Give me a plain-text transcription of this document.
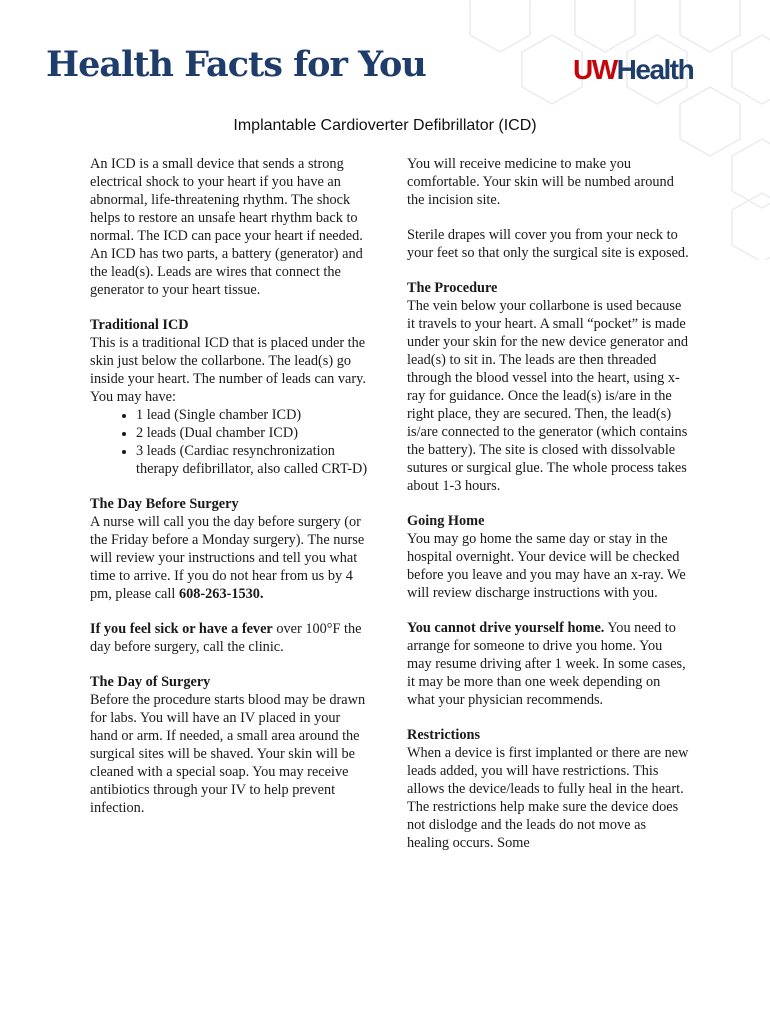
Health Facts for You	UWHealth
Implantable Cardioverter Defibrillator (ICD)

An ICD is a small device that sends a strong electrical shock to your heart if you have an abnormal, life-threatening rhythm. The shock helps to restore an unsafe heart rhythm back to normal. The ICD can pace your heart if needed. An ICD has two parts, a battery (generator) and the lead(s). Leads are wires that connect the generator to your heart tissue.

Traditional ICD

This is a traditional ICD that is placed under the skin just below the collarbone. The lead(s) go inside your heart. The number of leads can vary. You may have:

• 1 lead (Single chamber ICD)
• 2 leads (Dual chamber ICD)
• 3 leads (Cardiac resynchronization therapy defibrillator, also called CRT-D)
The Day Before Surgery

A nurse will call you the day before surgery (or the Friday before a Monday surgery). The nurse will review your instructions and tell you what time to arrive. If you do not hear from us by 4 pm, please call 608-263-1530.

If you feel sick or have a fever over 100°F the day before surgery, call the clinic.

The Day of Surgery

Before the procedure starts blood may be drawn for labs. You will have an IV placed in your hand or arm. If needed, a small area around the surgical sites will be shaved. Your skin will be cleaned with a special soap. You may receive antibiotics through your IV to help prevent infection.

You will receive medicine to make you comfortable. Your skin will be numbed around the incision site.

Sterile drapes will cover you from your neck to your feet so that only the surgical site is exposed.

The Procedure

The vein below your collarbone is used because it travels to your heart. A small “pocket” is made under your skin for the new device generator and lead(s) to sit in. The leads are then threaded through the blood vessel into the heart, using x-ray for guidance. Once the lead(s) is/are in the right place, they are secured. Then, the lead(s) is/are connected to the generator (which contains the battery). The site is closed with dissolvable sutures or surgical glue. The whole process takes about 1-3 hours.

Going Home

You may go home the same day or stay in the hospital overnight. Your device will be checked before you leave and you may have an x-ray. We will review discharge instructions with you.

You cannot drive yourself home. You need to arrange for someone to drive you home. You may resume driving after 1 week. In some cases, it may be more than one week depending on what your physician recommends.

Restrictions

When a device is first implanted or there are new leads added, you will have restrictions. This allows the device/leads to fully heal in the heart. The restrictions help make sure the device does not dislodge and the leads do not move as healing occurs. Some
